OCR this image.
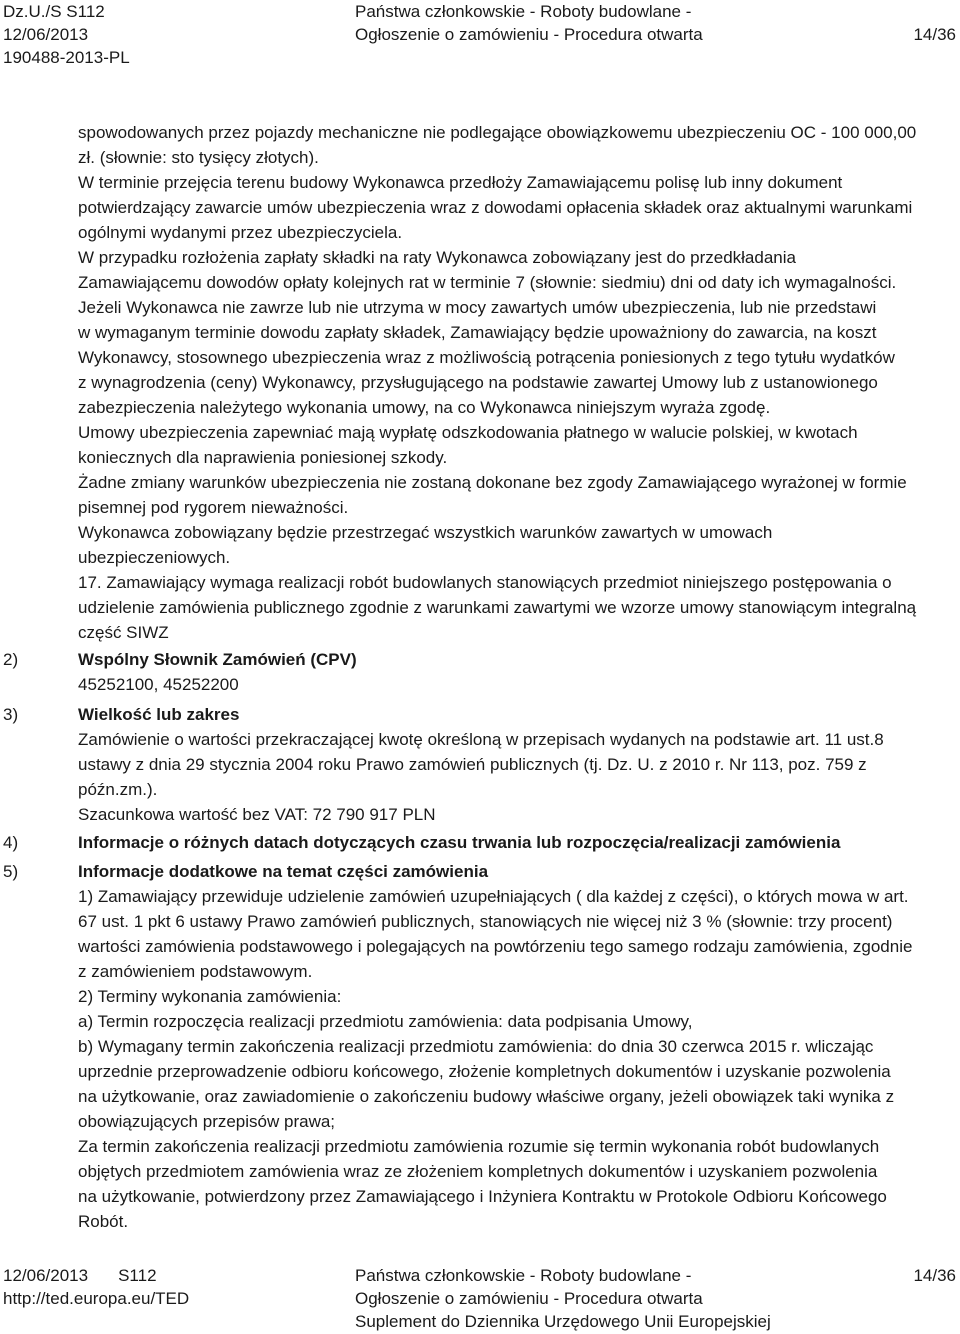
Dz.U./S S112
12/06/2013
190488-2013-PL
Państwa członkowskie - Roboty budowlane -
Ogłoszenie o zamówieniu - Procedura otwarta
	14/36
spowodowanych przez pojazdy mechaniczne nie podlegające obowiązkowemu ubezpieczeniu OC - 100 000,00
zł. (słownie: sto tysięcy złotych).
W terminie przejęcia terenu budowy Wykonawca przedłoży Zamawiającemu polisę lub inny dokument
potwierdzający zawarcie umów ubezpieczenia wraz z dowodami opłacenia składek oraz aktualnymi warunkami
ogólnymi wydanymi przez ubezpieczyciela.
W przypadku rozłożenia zapłaty składki na raty Wykonawca zobowiązany jest do przedkładania
Zamawiającemu dowodów opłaty kolejnych rat w terminie 7 (słownie: siedmiu) dni od daty ich wymagalności.
Jeżeli Wykonawca nie zawrze lub nie utrzyma w mocy zawartych umów ubezpieczenia, lub nie przedstawi
w wymaganym terminie dowodu zapłaty składek, Zamawiający będzie upoważniony do zawarcia, na koszt
Wykonawcy, stosownego ubezpieczenia wraz z możliwością potrącenia poniesionych z tego tytułu wydatków
z wynagrodzenia (ceny) Wykonawcy, przysługującego na podstawie zawartej Umowy lub z ustanowionego
zabezpieczenia należytego wykonania umowy, na co Wykonawca niniejszym wyraża zgodę.
Umowy ubezpieczenia zapewniać mają wypłatę odszkodowania płatnego w walucie polskiej, w kwotach
koniecznych dla naprawienia poniesionej szkody.
Żadne zmiany warunków ubezpieczenia nie zostaną dokonane bez zgody Zamawiającego wyrażonej w formie
pisemnej pod rygorem nieważności.
Wykonawca zobowiązany będzie przestrzegać wszystkich warunków zawartych w umowach
ubezpieczeniowych.
17. Zamawiający wymaga realizacji robót budowlanych stanowiących przedmiot niniejszego postępowania o
udzielenie zamówienia publicznego zgodnie z warunkami zawartymi we wzorze umowy stanowiącym integralną
część SIWZ
2)	Wspólny Słownik Zamówień (CPV)
45252100, 45252200
3)	Wielkość lub zakres
Zamówienie o wartości przekraczającej kwotę określoną w przepisach wydanych na podstawie art. 11 ust.8
ustawy z dnia 29 stycznia 2004 roku Prawo zamówień publicznych (tj. Dz. U. z 2010 r. Nr 113, poz. 759 z
późn.zm.).
Szacunkowa wartość bez VAT: 72 790 917 PLN
4)	Informacje o różnych datach dotyczących czasu trwania lub rozpoczęcia/realizacji zamówienia
5)	Informacje dodatkowe na temat części zamówienia
1) Zamawiający przewiduje udzielenie zamówień uzupełniających ( dla każdej z części), o których mowa w art.
67 ust. 1 pkt 6 ustawy Prawo zamówień publicznych, stanowiących nie więcej niż 3 % (słownie: trzy procent)
wartości zamówienia podstawowego i polegających na powtórzeniu tego samego rodzaju zamówienia, zgodnie
z zamówieniem podstawowym.
2) Terminy wykonania zamówienia:
a) Termin rozpoczęcia realizacji przedmiotu zamówienia: data podpisania Umowy,
b) Wymagany termin zakończenia realizacji przedmiotu zamówienia: do dnia 30 czerwca 2015 r. wliczając
uprzednie przeprowadzenie odbioru końcowego, złożenie kompletnych dokumentów i uzyskanie pozwolenia
na użytkowanie, oraz zawiadomienie o zakończeniu budowy właściwe organy, jeżeli obowiązek taki wynika z
obowiązujących przepisów prawa;
Za termin zakończenia realizacji przedmiotu zamówienia rozumie się termin wykonania robót budowlanych
objętych przedmiotem zamówienia wraz ze złożeniem kompletnych dokumentów i uzyskaniem pozwolenia
na użytkowanie, potwierdzony przez Zamawiającego i Inżyniera Kontraktu w Protokole Odbioru Końcowego
Robót.
12/06/2013 S112
http://ted.europa.eu/TED
Państwa członkowskie - Roboty budowlane -
Ogłoszenie o zamówieniu - Procedura otwarta
Suplement do Dziennika Urzędowego Unii Europejskiej
14/36
